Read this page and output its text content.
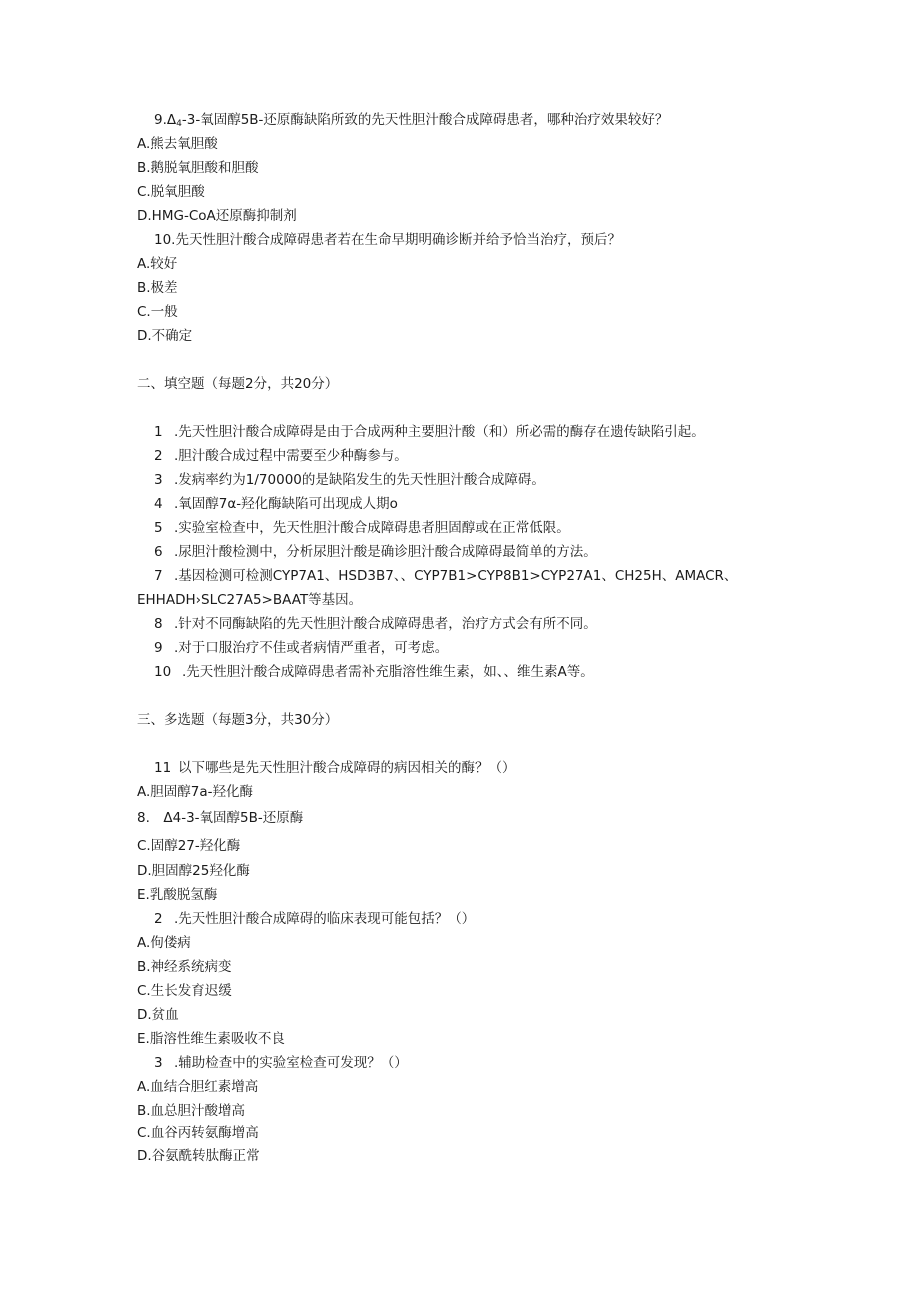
$9.\Delta_4-3-$氧固醇5B-还原酶缺陷所致的先天性胆汁酸合成障碍患者，哪种治疗效果较好？
A.熊去氧胆酸
B.鹅脱氧胆酸和胆酸
C.脱氧胆酸
D.HMG-CoA还原酶抑制剂
10.先天性胆汁酸合成障碍患者若在生命早期明确诊断并给予恰当治疗，预后？
A.较好
B.极差
C.一般
D.不确定
二、填空题（每题2分，共20分）
1 .先天性胆汁酸合成障碍是由于合成两种主要胆汁酸（和）所必需的酶存在遗传缺陷引起。
2 .胆汁酸合成过程中需要至少种酶参与。
3 .发病率约为1/70000的是缺陷发生的先天性胆汁酸合成障碍。
4 .氧固醇7α-羟化酶缺陷可出现成人期o
5 .实验室检查中，先天性胆汁酸合成障碍患者胆固醇或在正常低限。
6 .尿胆汁酸检测中，分析尿胆汁酸是确诊胆汁酸合成障碍最简单的方法。
7 .基因检测可检测CYP7A1、HSD3B7、、CYP7B1>CYP8B1>CYP27A1、CH25H、AMACR、
EHHADH›SLC27A5>BAAT等基因。
8 .针对不同酶缺陷的先天性胆汁酸合成障碍患者，治疗方式会有所不同。
9 .对于口服治疗不佳或者病情严重者，可考虑。
10 .先天性胆汁酸合成障碍患者需补充脂溶性维生素，如、、维生素A等。
三、多选题（每题3分，共30分）
11 以下哪些是先天性胆汁酸合成障碍的病因相关的酶？（）
A.胆固醇7a-羟化酶
8.　Δ4-3-氧固醇5B-还原酶
C.固醇27-羟化酶
D.胆固醇25羟化酶
E.乳酸脱氢酶
2 .先天性胆汁酸合成障碍的临床表现可能包括？（）
A.佝偻病
B.神经系统病变
C.生长发育迟缓
D.贫血
E.脂溶性维生素吸收不良
3 .辅助检查中的实验室检查可发现？（）
A.血结合胆红素增高
B.血总胆汁酸增高
C.血谷丙转氨酶增高
D.谷氨酰转肽酶正常
